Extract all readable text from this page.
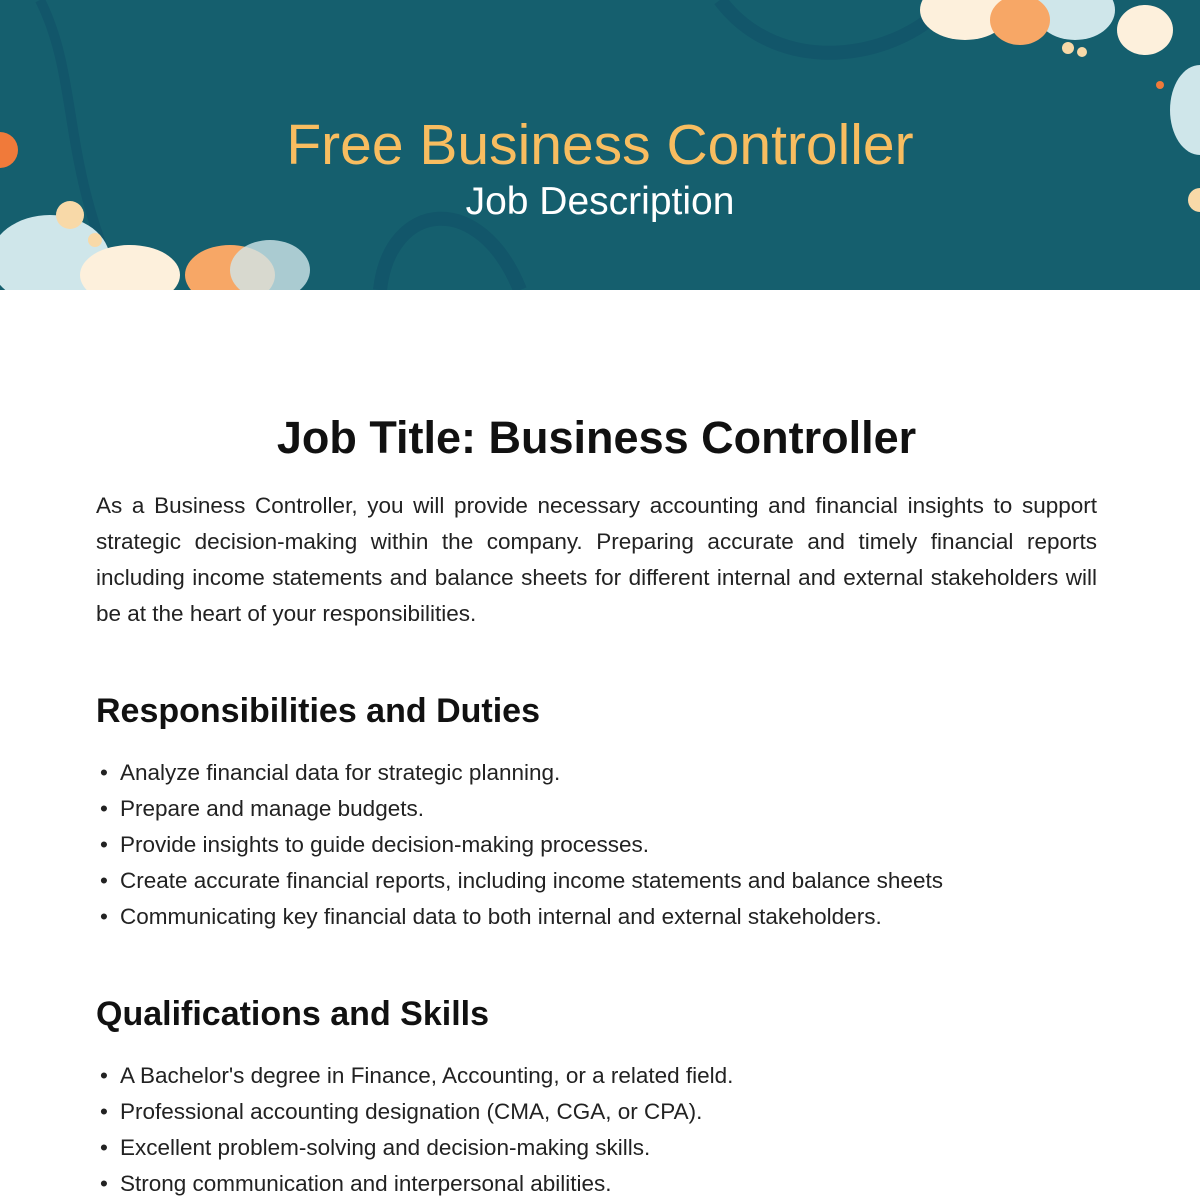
Free Business Controller
Job Description
Job Title: Business Controller

As a Business Controller, you will provide necessary accounting and financial insights to support strategic decision-making within the company. Preparing accurate and timely financial reports including income statements and balance sheets for different internal and external stakeholders will be at the heart of your responsibilities.

Responsibilities and Duties
• Analyze financial data for strategic planning.
• Prepare and manage budgets.
• Provide insights to guide decision-making processes.
• Create accurate financial reports, including income statements and balance sheets
• Communicating key financial data to both internal and external stakeholders.
Qualifications and Skills
• A Bachelor's degree in Finance, Accounting, or a related field.
• Professional accounting designation (CMA, CGA, or CPA).
• Excellent problem-solving and decision-making skills.
• Strong communication and interpersonal abilities.
